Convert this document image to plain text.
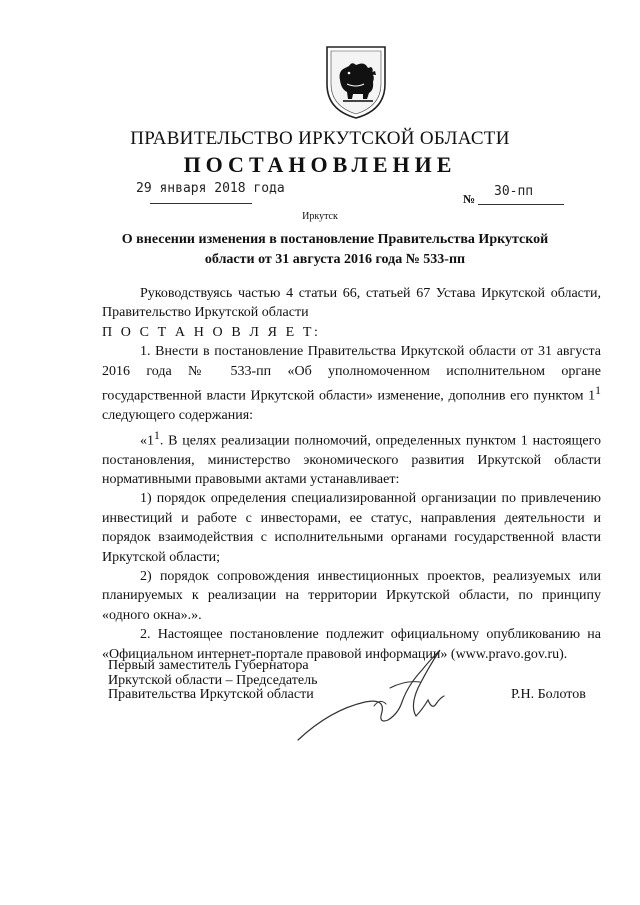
ПРАВИТЕЛЬСТВО ИРКУТСКОЙ ОБЛАСТИ
ПОСТАНОВЛЕНИЕ
29 января 2018 года
№ 30-пп
Иркутск
О внесении изменения в постановление Правительства Иркутской
области от 31 августа 2016 года № 533-пп

Руководствуясь частью 4 статьи 66, статьей 67 Устава Иркутской области, Правительство Иркутской области

П О С Т А Н О В Л Я Е Т:

1. Внести в постановление Правительства Иркутской области от 31 августа 2016 года № 533-пп «Об уполномоченном исполнительном органе государственной власти Иркутской области» изменение, дополнив его пунктом $1^1$ следующего содержания:

«$1^1$. В целях реализации полномочий, определенных пунктом 1 настоящего постановления, министерство экономического развития Иркутской области нормативными правовыми актами устанавливает:

1) порядок определения специализированной организации по привлечению инвестиций и работе с инвесторами, ее статус, направления деятельности и порядок взаимодействия с исполнительными органами государственной власти Иркутской области;

2) порядок сопровождения инвестиционных проектов, реализуемых или планируемых к реализации на территории Иркутской области, по принципу «одного окна».».

2. Настоящее постановление подлежит официальному опубликованию на «Официальном интернет-портале правовой информации» (www.pravo.gov.ru).

Первый заместитель Губернатора
Иркутской области – Председатель
Правительства Иркутской области	Р.Н. Болотов
